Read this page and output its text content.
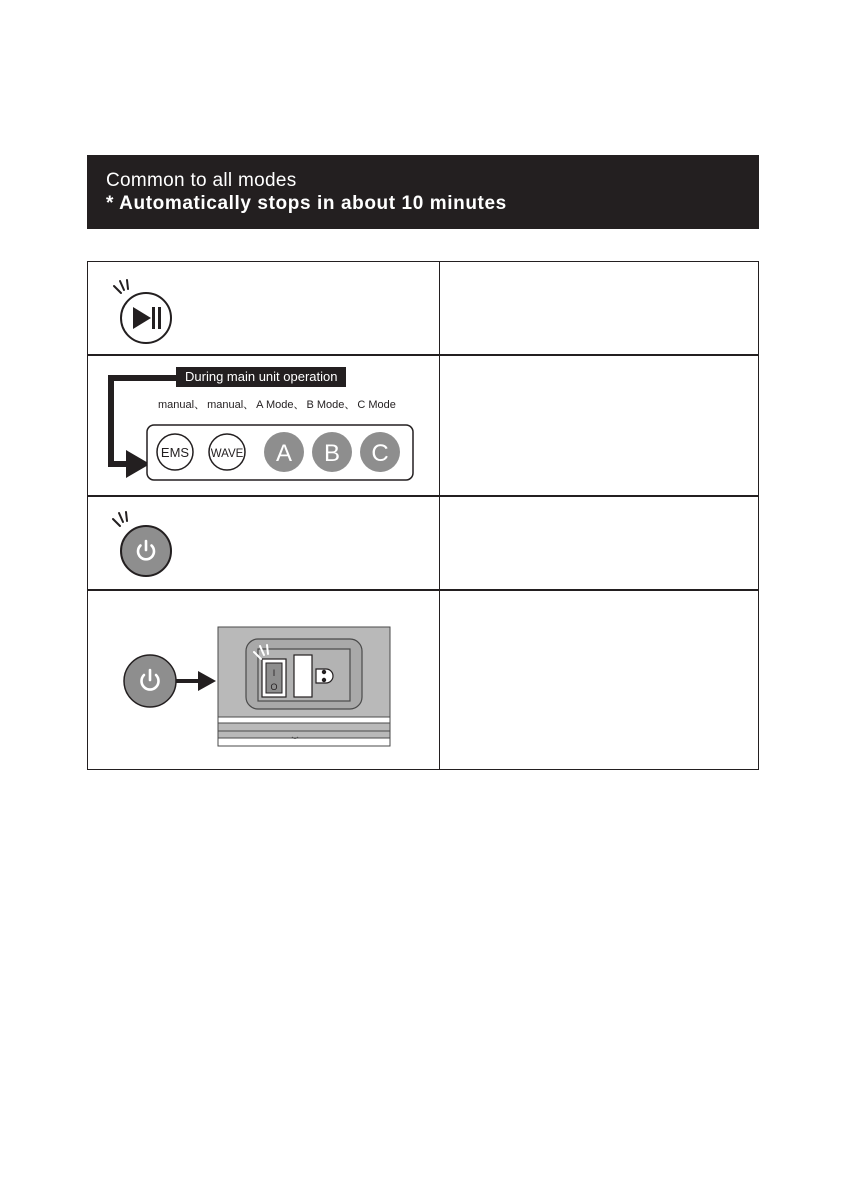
Common to all modes
* Automatically stops in about 10 minutes
EMS WAVE A B C
During main unit operation
manual、 manual、 A Mode、 B Mode、 C Mode
I
O
